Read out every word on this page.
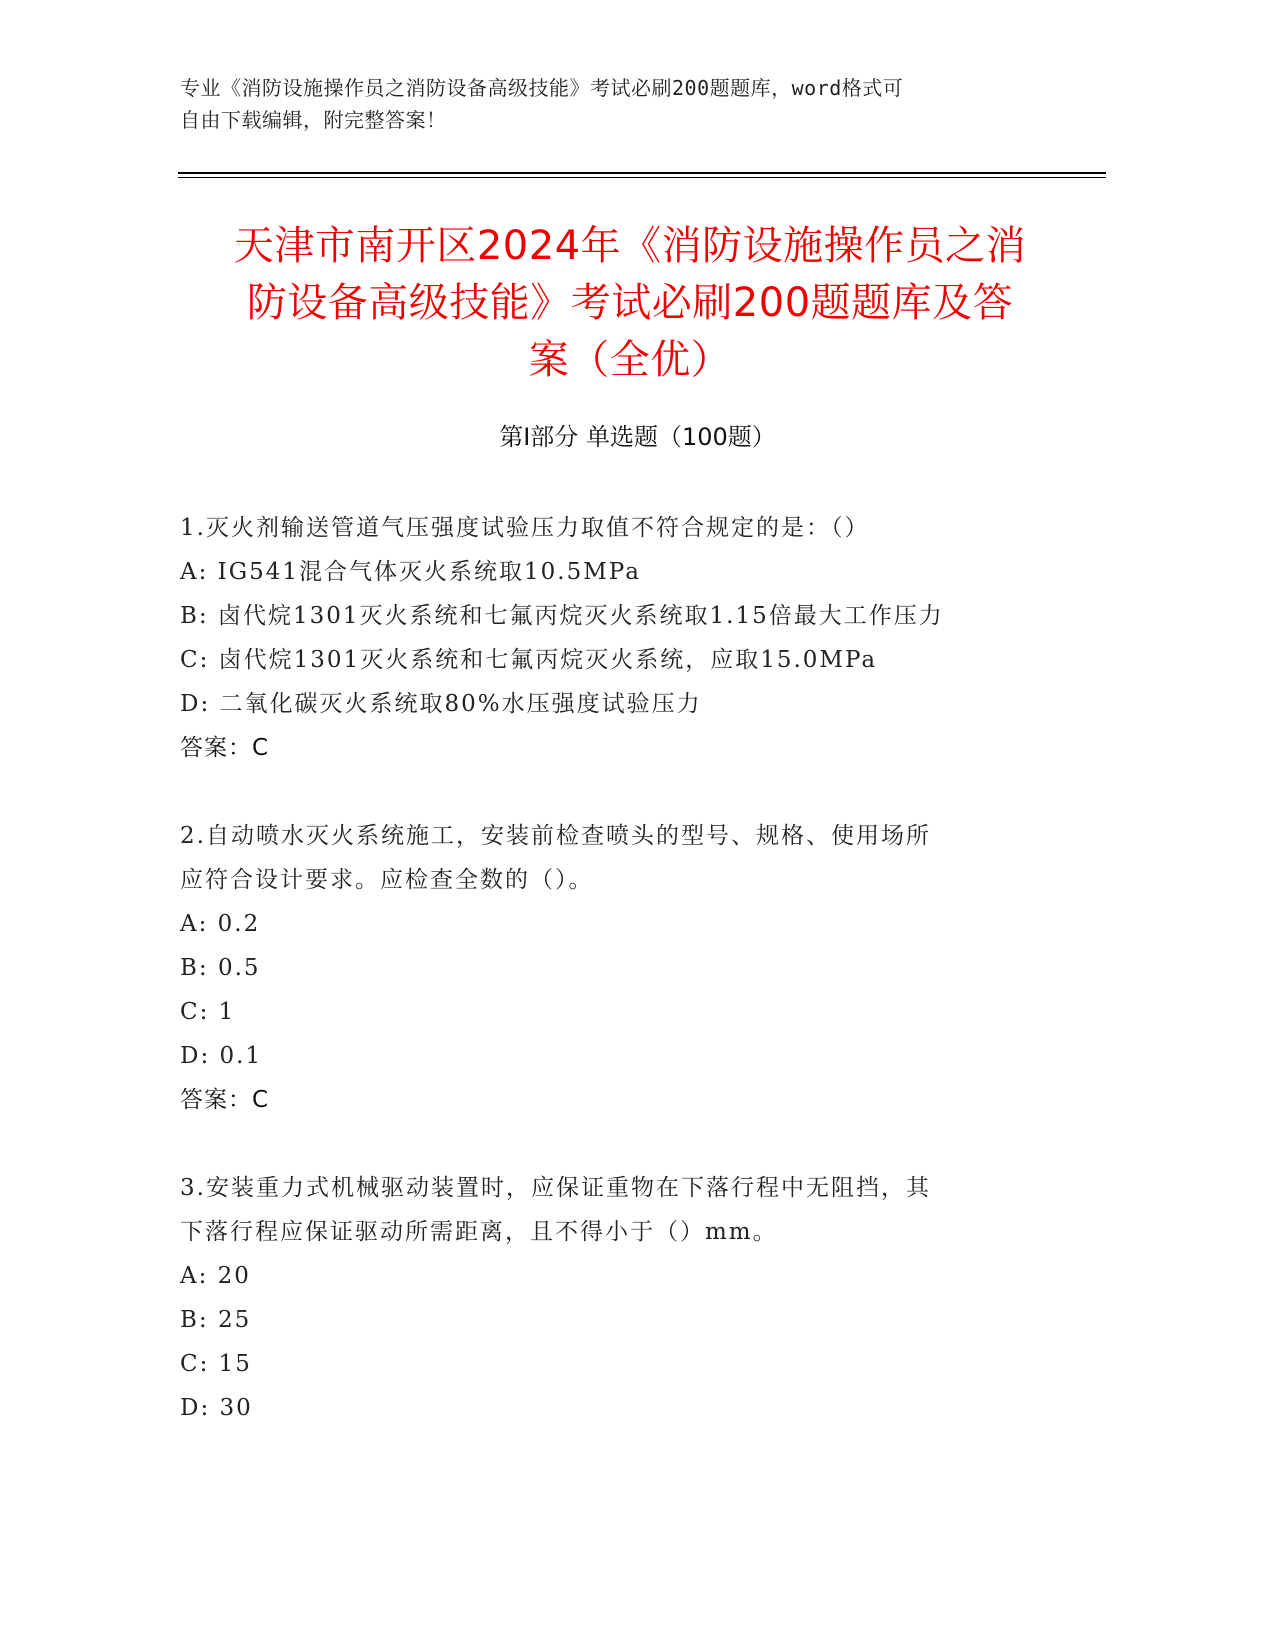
专业《消防设施操作员之消防设备高级技能》考试必刷200题题库，word格式可
自由下载编辑，附完整答案！
天津市南开区2024年《消防设施操作员之消
防设备高级技能》考试必刷200题题库及答
案（全优）
第Ⅰ部分 单选题（100题）
1.灭火剂输送管道气压强度试验压力取值不符合规定的是：（）
A: IG541混合气体灭火系统取10.5MPa
B: 卤代烷1301灭火系统和七氟丙烷灭火系统取1.15倍最大工作压力
C: 卤代烷1301灭火系统和七氟丙烷灭火系统，应取15.0MPa
D: 二氧化碳灭火系统取80%水压强度试验压力
答案：C
2.自动喷水灭火系统施工，安装前检查喷头的型号、规格、使用场所
应符合设计要求。应检查全数的（）。
A: 0.2
B: 0.5
C: 1
D: 0.1
答案：C
3.安装重力式机械驱动装置时，应保证重物在下落行程中无阻挡，其
下落行程应保证驱动所需距离，且不得小于（）mm。
A: 20
B: 25
C: 15
D: 30
